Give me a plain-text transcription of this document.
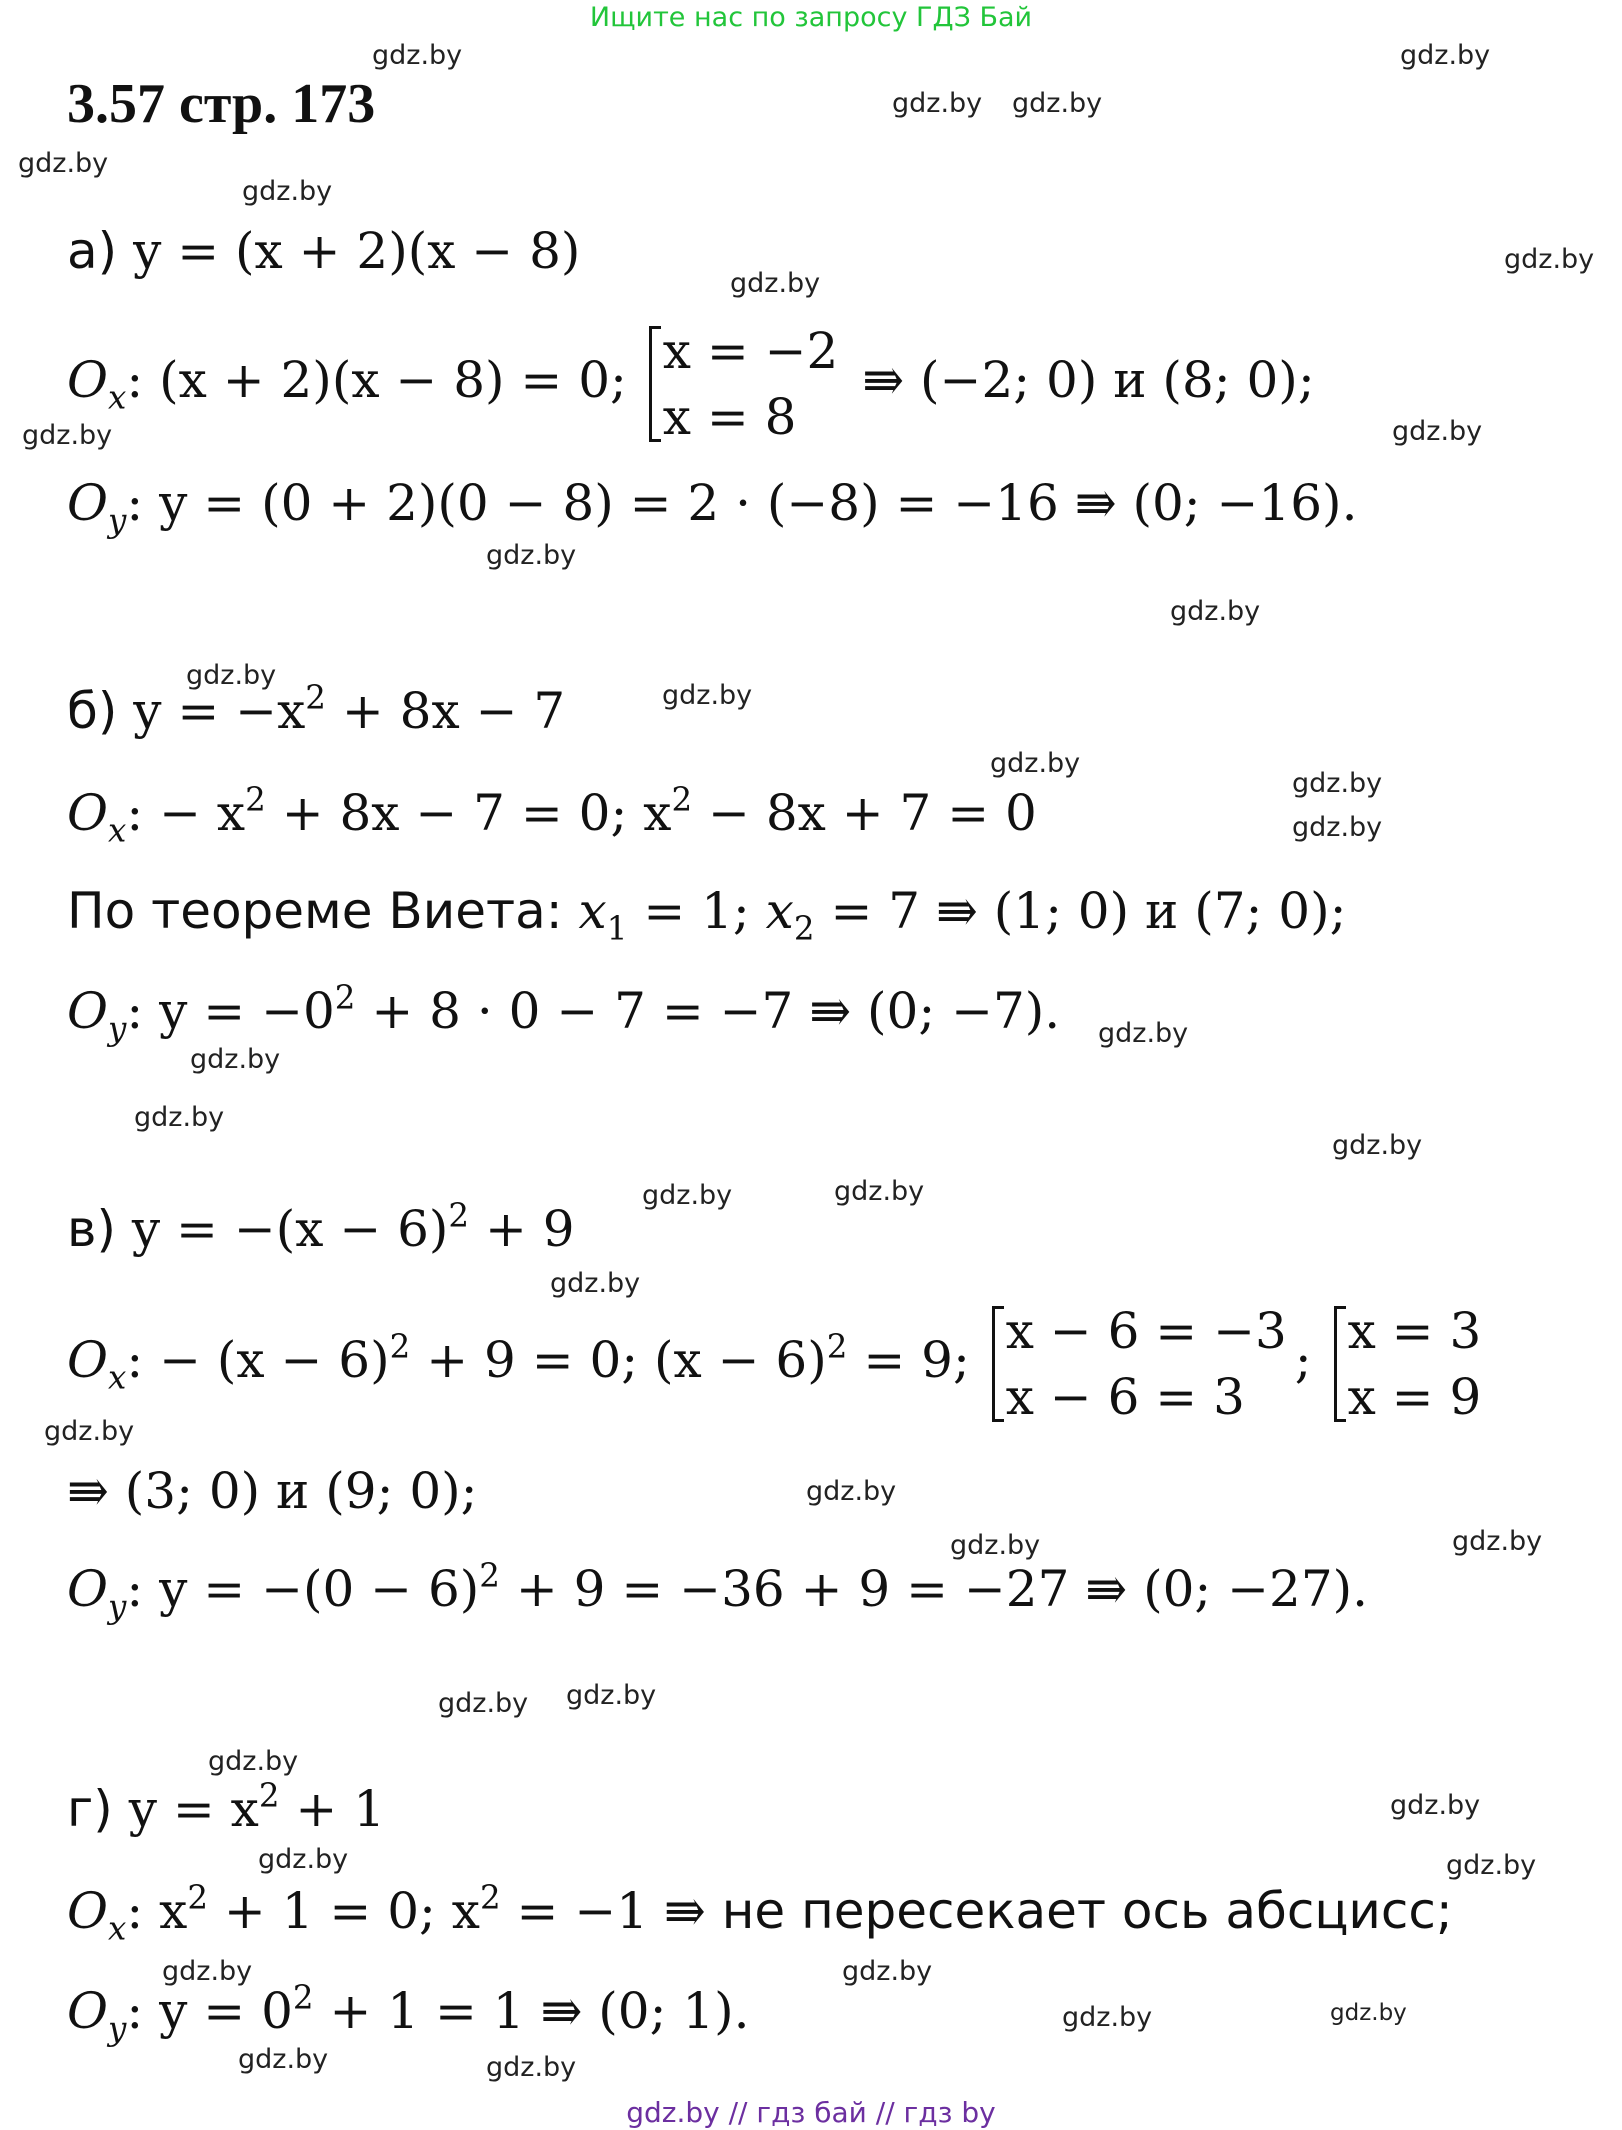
Ищите нас по запросу ГДЗ Бай
3.57 стр. 173
gdz.by	gdz.by
gdz.by gdz.by
gdz.by
gdz.by
gdz.by
gdz.by
gdz.by	gdz.by
gdz.by
gdz.by
gdz.by
gdz.by
gdz.by
gdz.by
gdz.by
gdz.by
gdz.by
gdz.by
gdz.by
gdz.by	gdz.by
gdz.by
gdz.by
gdz.by
gdz.by	gdz.by
gdz.by gdz.by
gdz.by
gdz.by
gdz.by	gdz.by
gdz.by	gdz.by
gdz.by	gdz.by
gdz.by	gdz.by
а) y = (x + 2)(x − 8)
$O_x$: (x + 2)(x − 8) = 0; x = −2
x = 8
⇛ (−2; 0) и (8; 0);
$O_y$: y = (0 + 2)(0 − 8) = 2 · (−8) = −16 ⇛ (0; −16).
б) $y = -x^2 + 8x - 7$
$O_x$: − $x^2 + 8x - 7 = 0$; $x^2 - 8x + 7 = 0$
По теореме Виета: $x_1 = 1$; $x_2 = 7$ ⇛ (1; 0) и (7; 0);
$O_y$: $y = -0^2 + 8 \cdot 0 - 7 = -7$ ⇛ (0; −7).
в) $y = -(x - 6)^2 + 9$
$O_x$: − $(x - 6)^2 + 9 = 0$; $(x - 6)^2 = 9$; x − 6 = −3
x − 6 = 3
; x = 3
x = 9
⇛ (3; 0) и (9; 0);
$O_y$: $y = -(0 - 6)^2 + 9 = -36 + 9 = -27$ ⇛ (0; −27).
г) $y = x^2 + 1$
$O_x$: $x^2 + 1 = 0$; $x^2 = -1$ ⇛ не пересекает ось абсцисс;
$O_y$: $y = 0^2 + 1 = 1$ ⇛ (0; 1).
gdz.by // гдз бай // гдз by
